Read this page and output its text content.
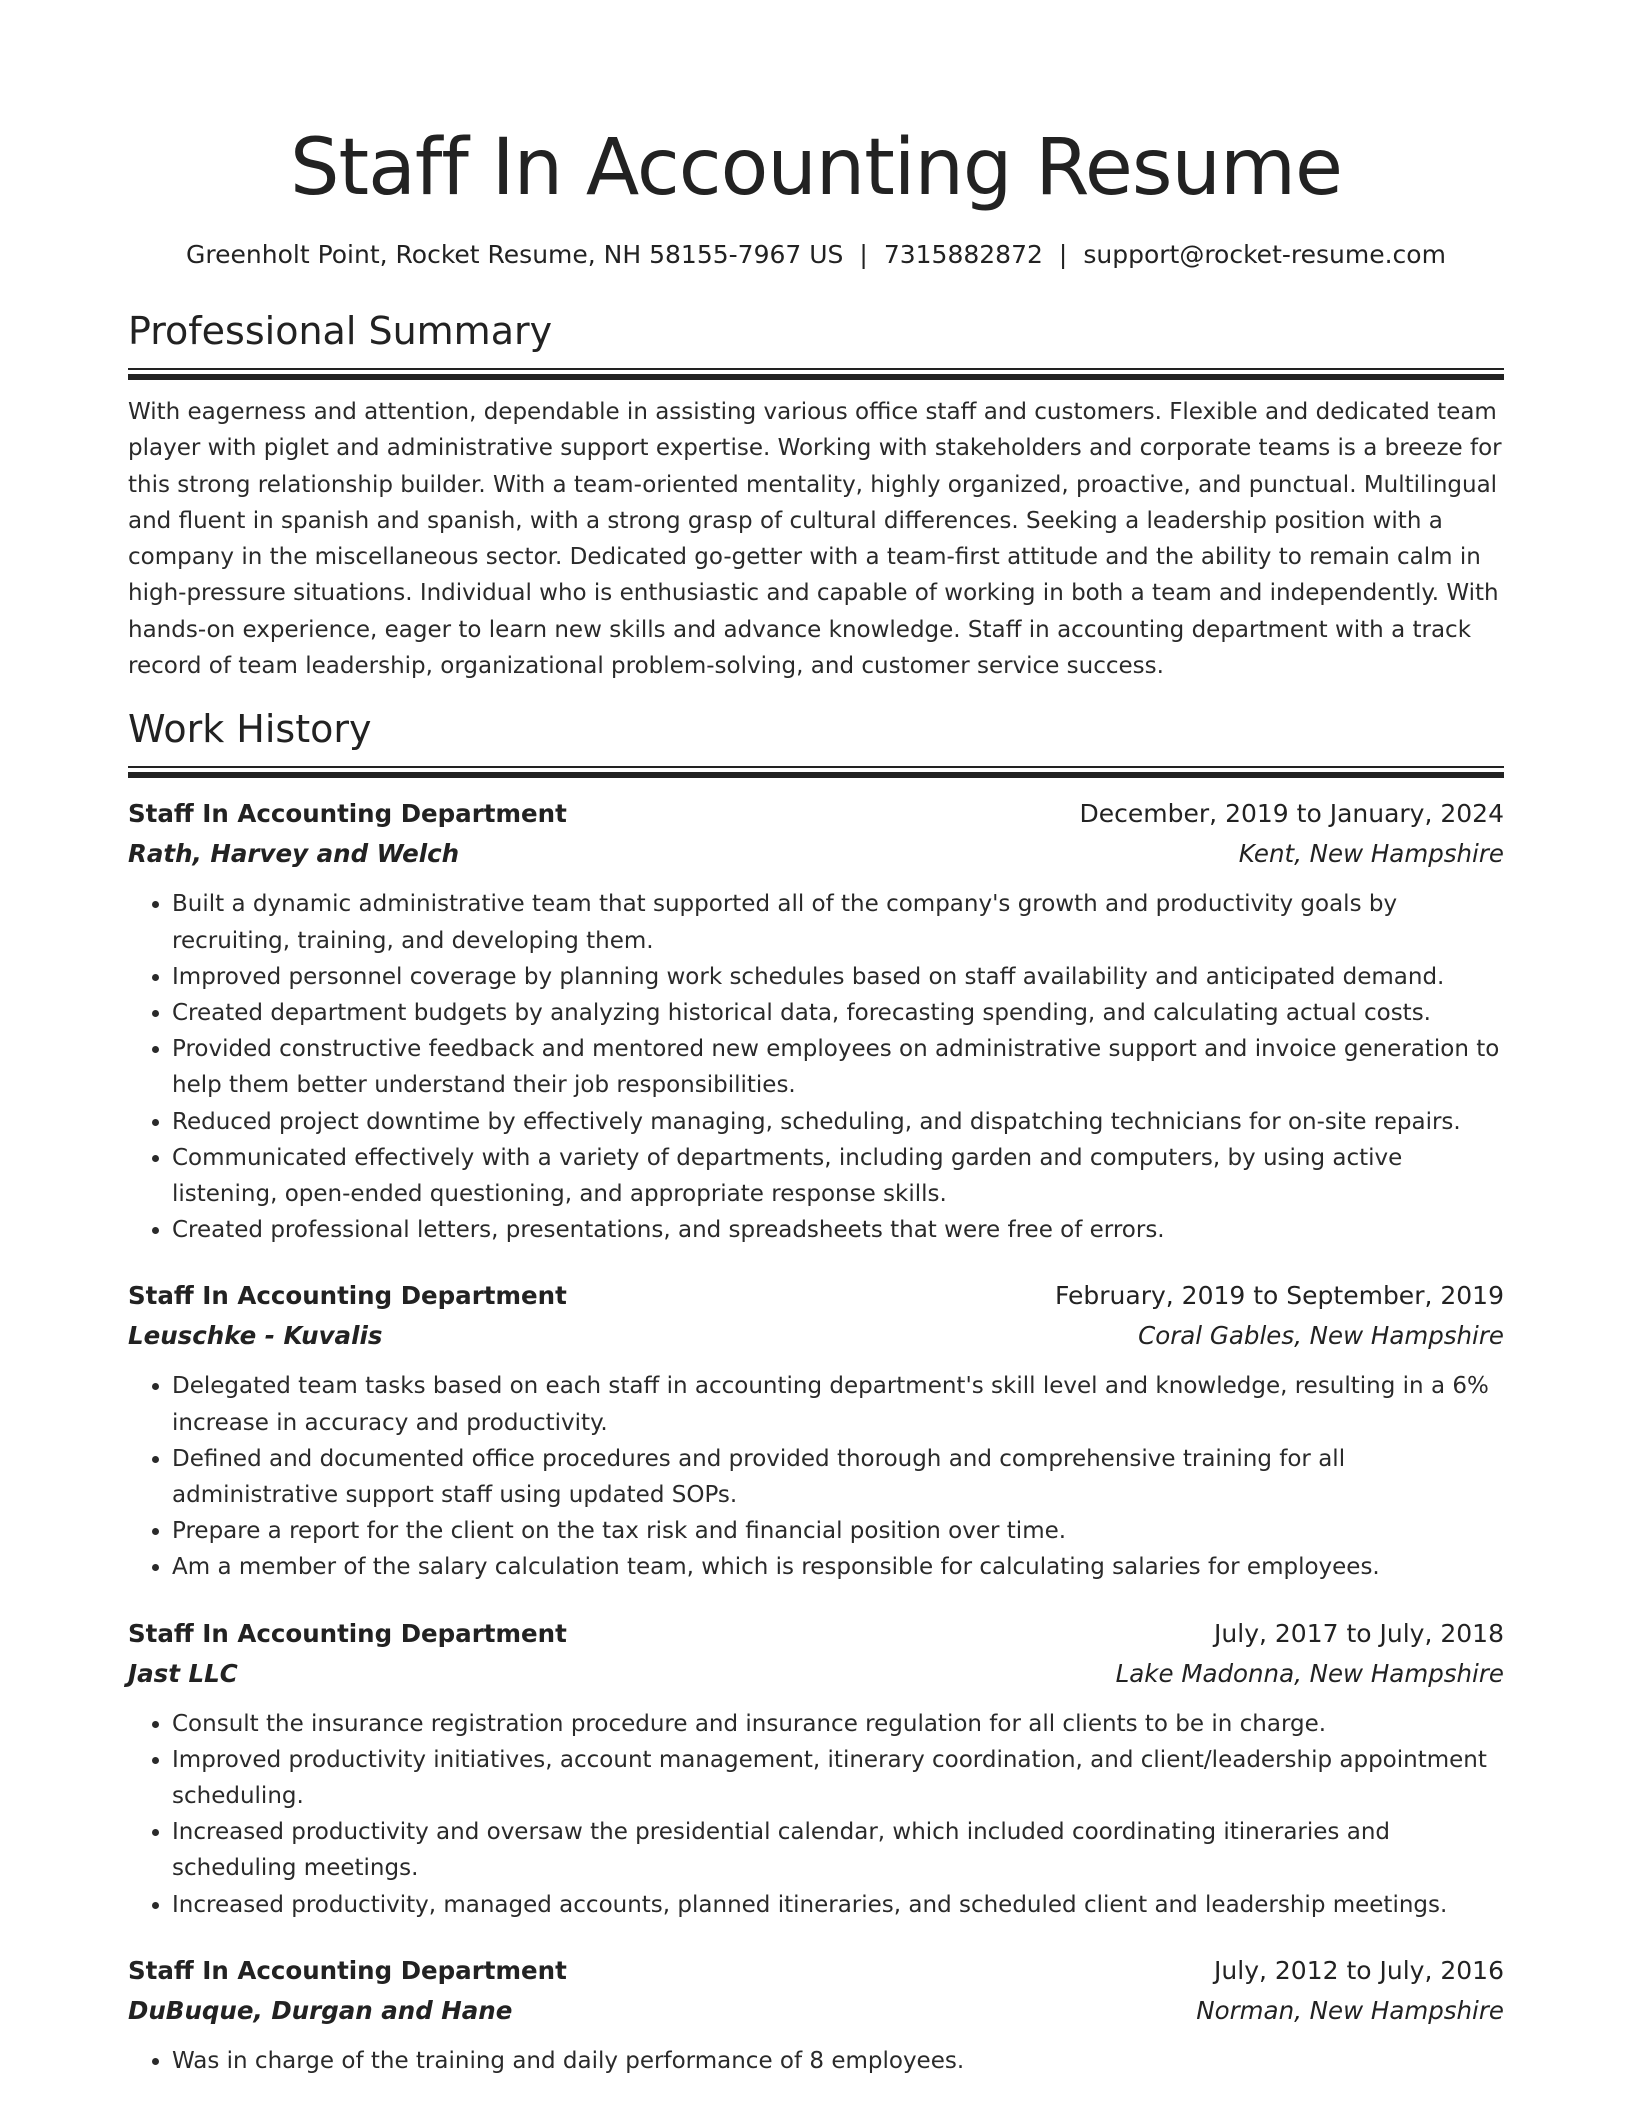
Staff In Accounting Resume
Greenholt Point, Rocket Resume, NH 58155-7967 US | 7315882872 | support@rocket-resume.com
Professional Summary

With eagerness and attention, dependable in assisting various office staff and customers. Flexible and dedicated team player with piglet and administrative support expertise. Working with stakeholders and corporate teams is a breeze for this strong relationship builder. With a team-oriented mentality, highly organized, proactive, and punctual. Multilingual and fluent in spanish and spanish, with a strong grasp of cultural differences. Seeking a leadership position with a company in the miscellaneous sector. Dedicated go-getter with a team-first attitude and the ability to remain calm in high-pressure situations. Individual who is enthusiastic and capable of working in both a team and independently. With hands-on experience, eager to learn new skills and advance knowledge. Staff in accounting department with a track record of team leadership, organizational problem-solving, and customer service success.

Work History
Staff In Accounting Department	December, 2019 to January, 2024
Rath, Harvey and Welch	Kent, New Hampshire
• Built a dynamic administrative team that supported all of the company's growth and productivity goals by recruiting, training, and developing them.
• Improved personnel coverage by planning work schedules based on staff availability and anticipated demand.
• Created department budgets by analyzing historical data, forecasting spending, and calculating actual costs.
• Provided constructive feedback and mentored new employees on administrative support and invoice generation to help them better understand their job responsibilities.
• Reduced project downtime by effectively managing, scheduling, and dispatching technicians for on-site repairs.
• Communicated effectively with a variety of departments, including garden and computers, by using active listening, open-ended questioning, and appropriate response skills.
• Created professional letters, presentations, and spreadsheets that were free of errors.
Staff In Accounting Department	February, 2019 to September, 2019
Leuschke - Kuvalis	Coral Gables, New Hampshire
• Delegated team tasks based on each staff in accounting department's skill level and knowledge, resulting in a 6% increase in accuracy and productivity.
• Defined and documented office procedures and provided thorough and comprehensive training for all administrative support staff using updated SOPs.
• Prepare a report for the client on the tax risk and financial position over time.
• Am a member of the salary calculation team, which is responsible for calculating salaries for employees.
Staff In Accounting Department	July, 2017 to July, 2018
Jast LLC	Lake Madonna, New Hampshire
• Consult the insurance registration procedure and insurance regulation for all clients to be in charge.
• Improved productivity initiatives, account management, itinerary coordination, and client/leadership appointment scheduling.
• Increased productivity and oversaw the presidential calendar, which included coordinating itineraries and scheduling meetings.
• Increased productivity, managed accounts, planned itineraries, and scheduled client and leadership meetings.
Staff In Accounting Department	July, 2012 to July, 2016
DuBuque, Durgan and Hane	Norman, New Hampshire
• Was in charge of the training and daily performance of 8 employees.
